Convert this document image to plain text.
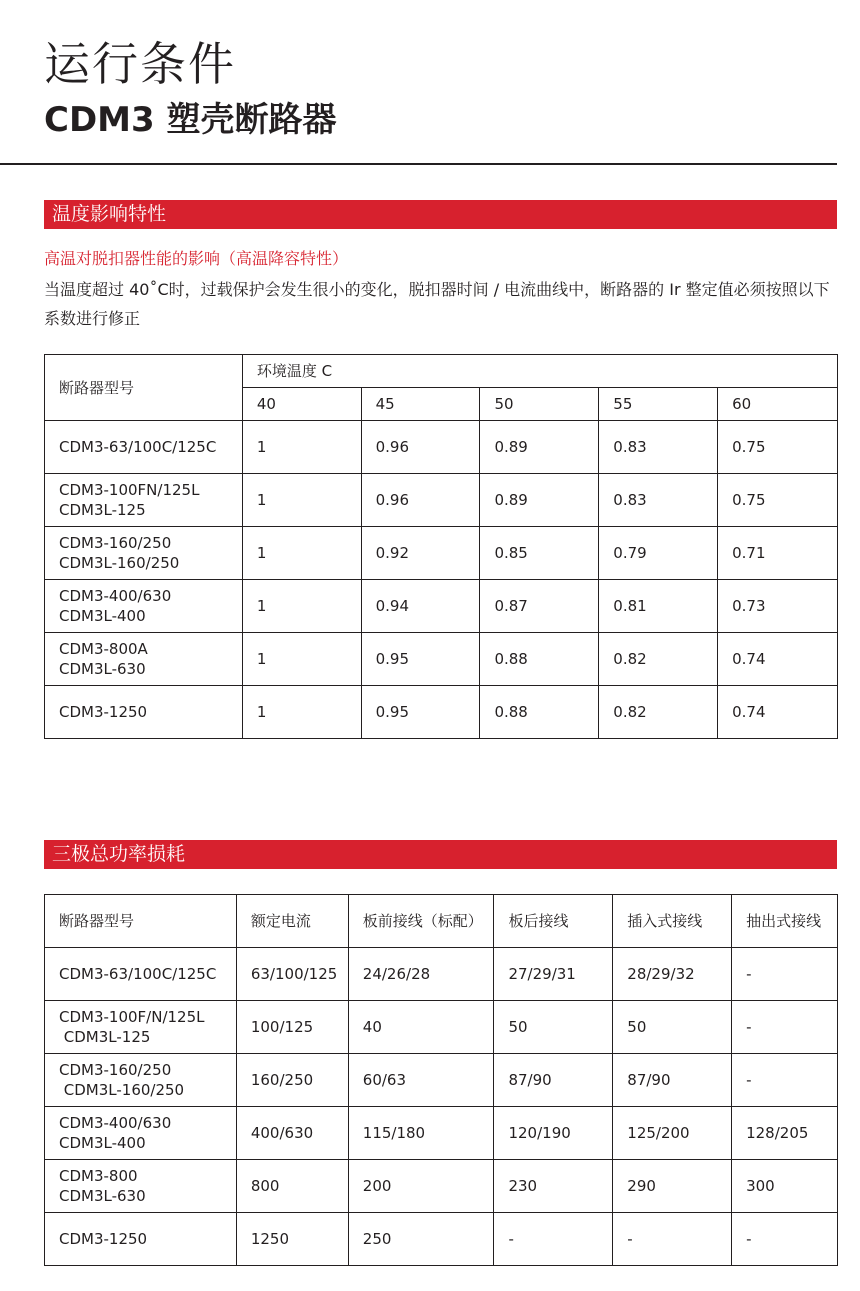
运行条件
CDM3 塑壳断路器
温度影响特性
高温对脱扣器性能的影响（高温降容特性）
当温度超过 40˚C时，过载保护会发生很小的变化，脱扣器时间 / 电流曲线中，断路器的 Ir 整定值必须按照以下系数进行修正
断路器型号	环境温度 C				
	40	45	50	55	60

CDM3-63/100C/125C	1	0.96	0.89	0.83	0.75

CDM3-100FN/125L
CDM3L-125	1	0.96	0.89	0.83	0.75

CDM3-160/250
CDM3L-160/250	1	0.92	0.85	0.79	0.71

CDM3-400/630
CDM3L-400	1	0.94	0.87	0.81	0.73

CDM3-800A
CDM3L-630	1	0.95	0.88	0.82	0.74

CDM3-1250	1	0.95	0.88	0.82	0.74
三极总功率损耗
断路器型号	额定电流	板前接线（标配）	板后接线	插入式接线	抽出式接线

CDM3-63/100C/125C	63/100/125	24/26/28	27/29/31	28/29/32	-

CDM3-100F/N/125L
CDM3L-125	100/125	40	50	50	-

CDM3-160/250
CDM3L-160/250	160/250	60/63	87/90	87/90	-

CDM3-400/630
CDM3L-400	400/630	115/180	120/190	125/200	128/205

CDM3-800
CDM3L-630	800	200	230	290	300

CDM3-1250	1250	250	-	-	-
